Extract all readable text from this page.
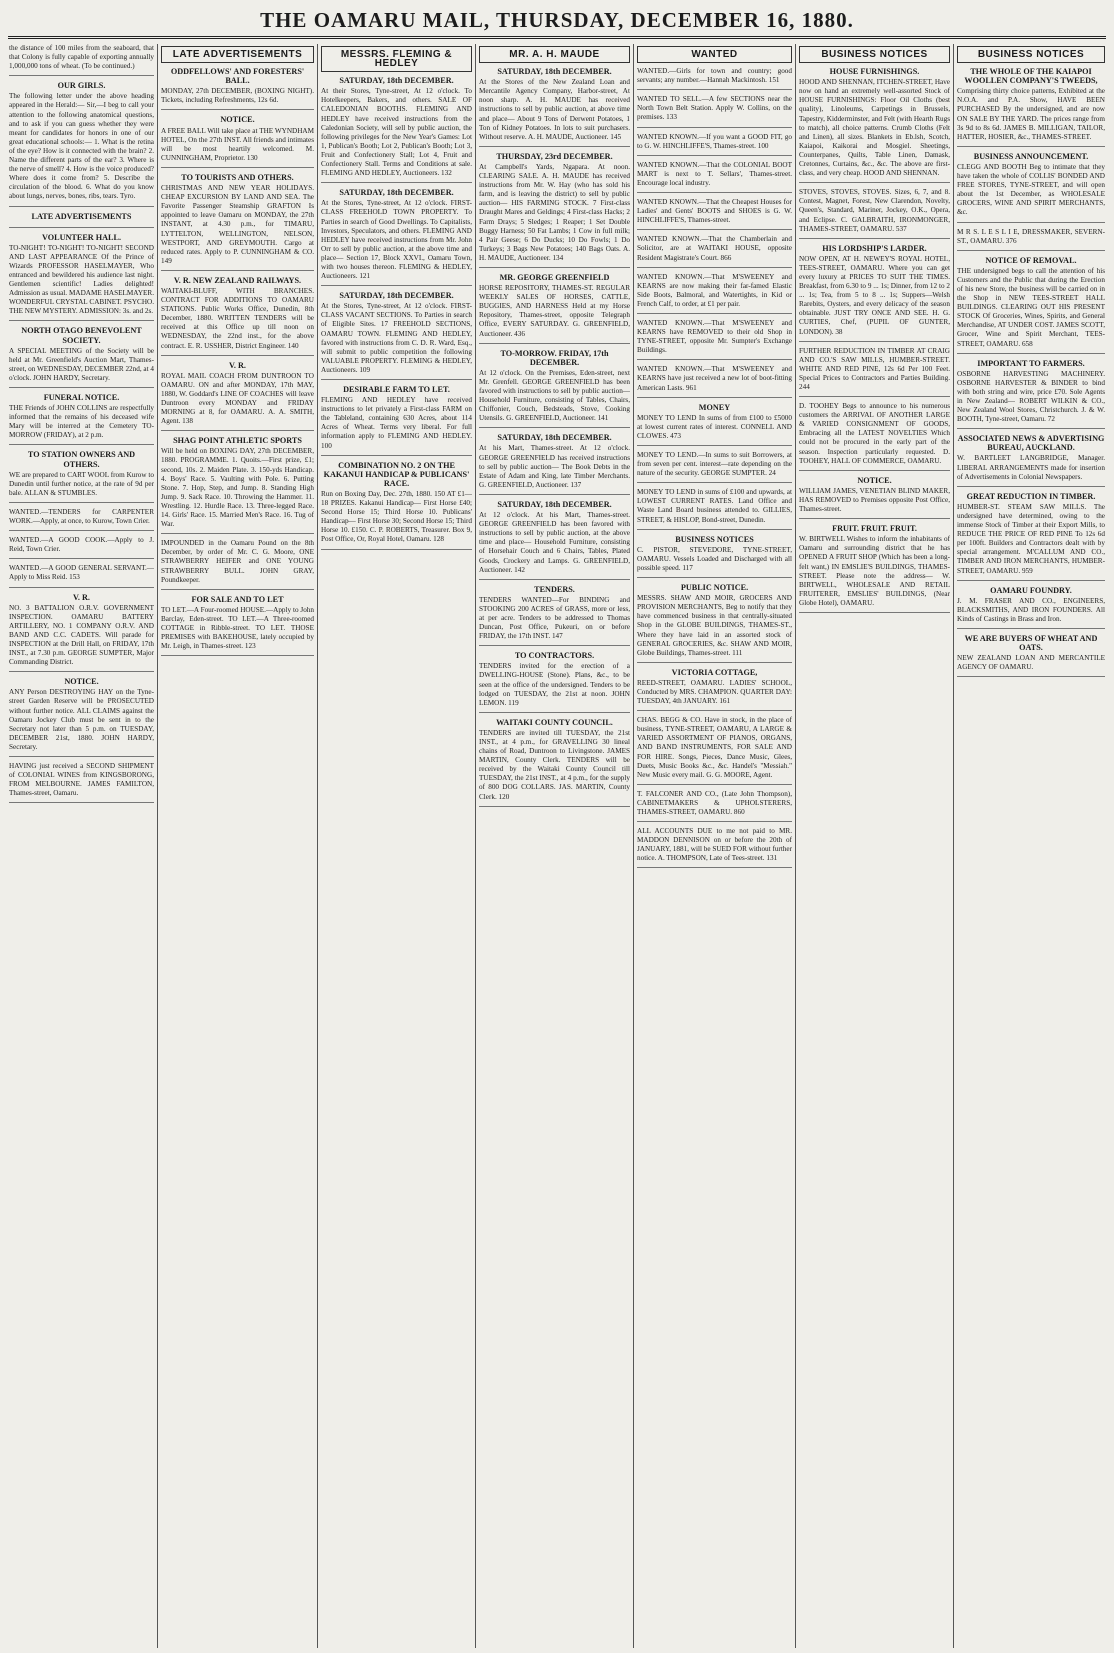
THE OAMARU MAIL, THURSDAY, DECEMBER 16, 1880.

the distance of 100 miles from the seaboard, that that Colony is fully capable of exporting annually 1,000,000 tons of wheat. (To be continued.)

OUR GIRLS.

The following letter under the above heading appeared in the Herald:— Sir,—I beg to call your attention to the following anatomical questions, and to ask if you can guess whether they were meant for candidates for honors in one of our great educational schools:— 1. What is the retina of the eye? How is it connected with the brain? 2. Name the different parts of the ear? 3. Where is the nerve of smell? 4. How is the voice produced? Where does it come from? 5. Describe the circulation of the blood. 6. What do you know about lungs, nerves, bones, ribs, tears. Tyro.

LATE ADVERTISEMENTS
VOLUNTEER HALL.

TO-NIGHT! TO-NIGHT! TO-NIGHT! SECOND AND LAST APPEARANCE Of the Prince of Wizards PROFESSOR HASELMAYER, Who entranced and bewildered his audience last night. Gentlemen scientific! Ladies delighted! Admission as usual. MADAME HASELMAYER. WONDERFUL CRYSTAL CABINET. PSYCHO. THE NEW MYSTERY. ADMISSION: 3s. and 2s.

NORTH OTAGO BENEVOLENT SOCIETY.

A SPECIAL MEETING of the Society will be held at Mr. Greenfield's Auction Mart, Thames-street, on WEDNESDAY, DECEMBER 22nd, at 4 o'clock. JOHN HARDY, Secretary.

FUNERAL NOTICE.

THE Friends of JOHN COLLINS are respectfully informed that the remains of his deceased wife Mary will be interred at the Cemetery TO-MORROW (FRIDAY), at 2 p.m.

TO STATION OWNERS AND OTHERS.

WE are prepared to CART WOOL from Kurow to Dunedin until further notice, at the rate of 9d per bale. ALLAN & STUMBLES.

WANTED.—TENDERS for CARPENTER WORK.—Apply, at once, to Kurow, Town Crier.

WANTED.—A GOOD COOK.—Apply to J. Reid, Town Crier.

WANTED.—A GOOD GENERAL SERVANT.—Apply to Miss Reid. 153

V. R.

NO. 3 BATTALION O.R.V. GOVERNMENT INSPECTION. OAMARU BATTERY ARTILLERY, NO. 1 COMPANY O.R.V. AND BAND AND C.C. CADETS. Will parade for INSPECTION at the Drill Hall, on FRIDAY, 17th INST., at 7.30 p.m. GEORGE SUMPTER, Major Commanding District.

NOTICE.

ANY Person DESTROYING HAY on the Tyne-street Garden Reserve will be PROSECUTED without further notice. ALL CLAIMS against the Oamaru Jockey Club must be sent in to the Secretary not later than 5 p.m. on TUESDAY, DECEMBER 21st, 1880. JOHN HARDY, Secretary.

HAVING just received a SECOND SHIPMENT of COLONIAL WINES from KINGSBORONG, FROM MELBOURNE. JAMES FAMILTON, Thames-street, Oamaru.

LATE ADVERTISEMENTS
ODDFELLOWS' AND FORESTERS' BALL.

MONDAY, 27th DECEMBER, (BOXING NIGHT). Tickets, including Refreshments, 12s 6d.

NOTICE.

A FREE BALL Will take place at THE WYNDHAM HOTEL, On the 27th INST. All friends and intimates will be most heartily welcomed. M. CUNNINGHAM, Proprietor. 130

TO TOURISTS AND OTHERS.

CHRISTMAS AND NEW YEAR HOLIDAYS. CHEAP EXCURSION BY LAND AND SEA. The Favorite Passenger Steamship GRAFTON Is appointed to leave Oamaru on MONDAY, the 27th INSTANT, at 4.30 p.m., for TIMARU, LYTTELTON, WELLINGTON, NELSON, WESTPORT, AND GREYMOUTH. Cargo at reduced rates. Apply to P. CUNNINGHAM & CO. 149

V. R. NEW ZEALAND RAILWAYS.

WAITAKI-BLUFF, WITH BRANCHES. CONTRACT FOR ADDITIONS TO OAMARU STATIONS. Public Works Office, Dunedin, 8th December, 1880. WRITTEN TENDERS will be received at this Office up till noon on WEDNESDAY, the 22nd inst., for the above contract. E. R. USSHER, District Engineer. 140

V. R.

ROYAL MAIL COACH FROM DUNTROON TO OAMARU. ON and after MONDAY, 17th MAY, 1880, W. Goddard's LINE OF COACHES will leave Duntroon every MONDAY and FRIDAY MORNING at 8, for OAMARU. A. A. SMITH, Agent. 138

SHAG POINT ATHLETIC SPORTS

Will be held on BOXING DAY, 27th DECEMBER, 1880. PROGRAMME. 1. Quoits.—First prize, £1; second, 10s. 2. Maiden Plate. 3. 150-yds Handicap. 4. Boys' Race. 5. Vaulting with Pole. 6. Putting Stone. 7. Hop, Step, and Jump. 8. Standing High Jump. 9. Sack Race. 10. Throwing the Hammer. 11. Wrestling. 12. Hurdle Race. 13. Three-legged Race. 14. Girls' Race. 15. Married Men's Race. 16. Tug of War.

IMPOUNDED in the Oamaru Pound on the 8th December, by order of Mr. C. G. Moore, ONE STRAWBERRY HEIFER and ONE YOUNG STRAWBERRY BULL. JOHN GRAY, Poundkeeper.

FOR SALE AND TO LET

TO LET.—A Four-roomed HOUSE.—Apply to John Barclay, Eden-street. TO LET.—A Three-roomed COTTAGE in Ribble-street. TO LET. THOSE PREMISES with BAKEHOUSE, lately occupied by Mr. Leigh, in Thames-street. 123

MESSRS. FLEMING & HEDLEY
SATURDAY, 18th DECEMBER.

At their Stores, Tyne-street, At 12 o'clock. To Hotelkeepers, Bakers, and others. SALE OF CALEDONIAN BOOTHS. FLEMING AND HEDLEY have received instructions from the Caledonian Society, will sell by public auction, the following privileges for the New Year's Games: Lot 1, Publican's Booth; Lot 2, Publican's Booth; Lot 3, Fruit and Confectionery Stall; Lot 4, Fruit and Confectionery Stall. Terms and Conditions at sale. FLEMING AND HEDLEY, Auctioneers. 132

SATURDAY, 18th DECEMBER.

At the Stores, Tyne-street, At 12 o'clock. FIRST-CLASS FREEHOLD TOWN PROPERTY. To Parties in search of Good Dwellings. To Capitalists, Investors, Speculators, and others. FLEMING AND HEDLEY have received instructions from Mr. John Orr to sell by public auction, at the above time and place— Section 17, Block XXVI., Oamaru Town, with two houses thereon. FLEMING & HEDLEY, Auctioneers. 121

SATURDAY, 18th DECEMBER.

At the Stores, Tyne-street, At 12 o'clock. FIRST-CLASS VACANT SECTIONS. To Parties in search of Eligible Sites. 17 FREEHOLD SECTIONS, OAMARU TOWN. FLEMING AND HEDLEY, favored with instructions from C. D. R. Ward, Esq., will submit to public competition the following VALUABLE PROPERTY. FLEMING & HEDLEY, Auctioneers. 109

DESIRABLE FARM TO LET.

FLEMING AND HEDLEY have received instructions to let privately a First-class FARM on the Tableland, containing 630 Acres, about 114 Acres of Wheat. Terms very liberal. For full information apply to FLEMING AND HEDLEY. 100

COMBINATION NO. 2 ON THE KAKANUI HANDICAP & PUBLICANS' RACE.

Run on Boxing Day, Dec. 27th, 1880. 150 AT £1—18 PRIZES. Kakanui Handicap— First Horse £40; Second Horse 15; Third Horse 10. Publicans' Handicap— First Horse 30; Second Horse 15; Third Horse 10. £150. C. P. ROBERTS, Treasurer. Box 9, Post Office, Or, Royal Hotel, Oamaru. 128

MR. A. H. MAUDE
SATURDAY, 18th DECEMBER.

At the Stores of the New Zealand Loan and Mercantile Agency Company, Harbor-street, At noon sharp. A. H. MAUDE has received instructions to sell by public auction, at above time and place— About 9 Tons of Derwent Potatoes, 1 Ton of Kidney Potatoes. In lots to suit purchasers. Without reserve. A. H. MAUDE, Auctioneer. 145

THURSDAY, 23rd DECEMBER.

At Campbell's Yards, Ngapara. At noon. CLEARING SALE. A. H. MAUDE has received instructions from Mr. W. Hay (who has sold his farm, and is leaving the district) to sell by public auction— HIS FARMING STOCK. 7 First-class Draught Mares and Geldings; 4 First-class Hacks; 2 Farm Drays; 5 Sledges; 1 Reaper; 1 Set Double Buggy Harness; 50 Fat Lambs; 1 Cow in full milk; 4 Pair Geese; 6 Do Ducks; 10 Do Fowls; 1 Do Turkeys; 3 Bags New Potatoes; 140 Bags Oats. A. H. MAUDE, Auctioneer. 134

MR. GEORGE GREENFIELD

HORSE REPOSITORY, THAMES-ST. REGULAR WEEKLY SALES OF HORSES, CATTLE, BUGGIES, AND HARNESS Held at my Horse Repository, Thames-street, opposite Telegraph Office, EVERY SATURDAY. G. GREENFIELD, Auctioneer. 436

TO-MORROW. FRIDAY, 17th DECEMBER.

At 12 o'clock. On the Premises, Eden-street, next Mr. Grenfell. GEORGE GREENFIELD has been favored with instructions to sell by public auction— Household Furniture, consisting of Tables, Chairs, Chiffonier, Couch, Bedsteads, Stove, Cooking Utensils. G. GREENFIELD, Auctioneer. 141

SATURDAY, 18th DECEMBER.

At his Mart, Thames-street. At 12 o'clock. GEORGE GREENFIELD has received instructions to sell by public auction— The Book Debts in the Estate of Adam and King, late Timber Merchants. G. GREENFIELD, Auctioneer. 137

SATURDAY, 18th DECEMBER.

At 12 o'clock. At his Mart, Thames-street. GEORGE GREENFIELD has been favored with instructions to sell by public auction, at the above time and place— Household Furniture, consisting of Horsehair Couch and 6 Chairs, Tables, Plated Goods, Crockery and Lamps. G. GREENFIELD, Auctioneer. 142

TENDERS.

TENDERS WANTED—For BINDING and STOOKING 200 ACRES of GRASS, more or less, at per acre. Tenders to be addressed to Thomas Duncan, Post Office, Pukeuri, on or before FRIDAY, the 17th INST. 147

TO CONTRACTORS.

TENDERS invited for the erection of a DWELLING-HOUSE (Stone). Plans, &c., to be seen at the office of the undersigned. Tenders to be lodged on TUESDAY, the 21st at noon. JOHN LEMON. 119

WAITAKI COUNTY COUNCIL.

TENDERS are invited till TUESDAY, the 21st INST., at 4 p.m., for GRAVELLING 30 lineal chains of Road, Duntroon to Livingstone. JAMES MARTIN, County Clerk. TENDERS will be received by the Waitaki County Council till TUESDAY, the 21st INST., at 4 p.m., for the supply of 800 DOG COLLARS. JAS. MARTIN, County Clerk. 120

WANTED

WANTED.—Girls for town and country; good servants; any number.—Hannah Mackintosh. 151

WANTED TO SELL.—A few SECTIONS near the North Town Belt Station. Apply W. Collins, on the premises. 133

WANTED KNOWN.—If you want a GOOD FIT, go to G. W. HINCHLIFFE'S, Thames-street. 100

WANTED KNOWN.—That the COLONIAL BOOT MART is next to T. Sellars', Thames-street. Encourage local industry.

WANTED KNOWN.—That the Cheapest Houses for Ladies' and Gents' BOOTS and SHOES is G. W. HINCHLIFFE'S, Thames-street.

WANTED KNOWN.—That the Chamberlain and Solicitor, are at WAITAKI HOUSE, opposite Resident Magistrate's Court. 866

WANTED KNOWN.—That M'SWEENEY and KEARNS are now making their far-famed Elastic Side Boots, Balmoral, and Watertights, in Kid or French Calf, to order, at £1 per pair.

WANTED KNOWN.—That M'SWEENEY and KEARNS have REMOVED to their old Shop in TYNE-STREET, opposite Mr. Sumpter's Exchange Buildings.

WANTED KNOWN.—That M'SWEENEY and KEARNS have just received a new lot of boot-fitting American Lasts. 961

MONEY

MONEY TO LEND In sums of from £100 to £5000 at lowest current rates of interest. CONNELL AND CLOWES. 473

MONEY TO LEND.—In sums to suit Borrowers, at from seven per cent. interest—rate depending on the nature of the security. GEORGE SUMPTER. 24

MONEY TO LEND in sums of £100 and upwards, at LOWEST CURRENT RATES. Land Office and Waste Land Board business attended to. GILLIES, STREET, & HISLOP, Bond-street, Dunedin.

BUSINESS NOTICES

C. PISTOR, STEVEDORE, TYNE-STREET, OAMARU. Vessels Loaded and Discharged with all possible speed. 117

PUBLIC NOTICE.

MESSRS. SHAW AND MOIR, GROCERS AND PROVISION MERCHANTS, Beg to notify that they have commenced business in that centrally-situated Shop in the GLOBE BUILDINGS, THAMES-ST., Where they have laid in an assorted stock of GENERAL GROCERIES, &c. SHAW AND MOIR, Globe Buildings, Thames-street. 111

VICTORIA COTTAGE,

REED-STREET, OAMARU. LADIES' SCHOOL, Conducted by MRS. CHAMPION. QUARTER DAY: TUESDAY, 4th JANUARY. 161

CHAS. BEGG & CO. Have in stock, in the place of business, TYNE-STREET, OAMARU, A LARGE & VARIED ASSORTMENT OF PIANOS, ORGANS, AND BAND INSTRUMENTS, FOR SALE AND FOR HIRE. Songs, Pieces, Dance Music, Glees, Duets, Music Books &c., &c. Handel's "Messiah." New Music every mail. G. G. MOORE, Agent.

T. FALCONER AND CO., (Late John Thompson), CABINETMAKERS & UPHOLSTERERS, THAMES-STREET, OAMARU. 860

ALL ACCOUNTS DUE to me not paid to MR. MADDON DENNISON on or before the 20th of JANUARY, 1881, will be SUED FOR without further notice. A. THOMPSON, Late of Tees-street. 131

BUSINESS NOTICES
HOUSE FURNISHINGS.

HOOD AND SHENNAN, ITCHEN-STREET, Have now on hand an extremely well-assorted Stock of HOUSE FURNISHINGS: Floor Oil Cloths (best quality), Linoleums, Carpetings in Brussels, Tapestry, Kidderminster, and Felt (with Hearth Rugs to match), all choice patterns. Crumb Cloths (Felt and Linen), all sizes. Blankets in Eb.lsh, Scotch, Kaiapoi, Kaikorai and Mosgiel. Sheetings, Counterpanes, Quilts, Table Linen, Damask, Cretonnes, Curtains, &c., &c. The above are first-class, and very cheap. HOOD AND SHENNAN.

STOVES, STOVES, STOVES. Sizes, 6, 7, and 8. Contest, Magnet, Forest, New Clarendon, Novelty, Queen's, Standard, Mariner, Jockey, O.K., Opera, and Eclipse. C. GALBRAITH, IRONMONGER, THAMES-STREET, OAMARU. 537

HIS LORDSHIP'S LARDER.

NOW OPEN, AT H. NEWEY'S ROYAL HOTEL, TEES-STREET, OAMARU. Where you can get every luxury at PRICES TO SUIT THE TIMES. Breakfast, from 6.30 to 9 ... 1s; Dinner, from 12 to 2 ... 1s; Tea, from 5 to 8 ... 1s; Suppers—Welsh Rarebits, Oysters, and every delicacy of the season obtainable. JUST TRY ONCE AND SEE. H. G. CURTIES, Chef, (PUPIL OF GUNTER, LONDON). 38

FURTHER REDUCTION IN TIMBER AT CRAIG AND CO.'S SAW MILLS, HUMBER-STREET. WHITE AND RED PINE, 12s 6d Per 100 Feet. Special Prices to Contractors and Parties Building. 244

D. TOOHEY Begs to announce to his numerous customers the ARRIVAL OF ANOTHER LARGE & VARIED CONSIGNMENT OF GOODS, Embracing all the LATEST NOVELTIES Which could not be procured in the early part of the season. Inspection particularly requested. D. TOOHEY, HALL OF COMMERCE, OAMARU.

NOTICE.

WILLIAM JAMES, VENETIAN BLIND MAKER, HAS REMOVED to Premises opposite Post Office, Thames-street.

FRUIT. FRUIT. FRUIT.

W. BIRTWELL Wishes to inform the inhabitants of Oamaru and surrounding district that he has OPENED A FRUIT SHOP (Which has been a long-felt want,) IN EMSLIE'S BUILDINGS, THAMES-STREET. Please note the address— W. BIRTWELL, WHOLESALE AND RETAIL FRUITERER, EMSLIES' BUILDINGS, (Near Globe Hotel), OAMARU.

BUSINESS NOTICES
THE WHOLE OF THE KAIAPOI WOOLLEN COMPANY'S TWEEDS,

Comprising thirty choice patterns, Exhibited at the N.O.A. and P.A. Show, HAVE BEEN PURCHASED By the undersigned, and are now ON SALE BY THE YARD. The prices range from 3s 9d to 8s 6d. JAMES B. MILLIGAN, TAILOR, HATTER, HOSIER, &c., THAMES-STREET.

BUSINESS ANNOUNCEMENT.

CLEGG AND BOOTH Beg to intimate that they have taken the whole of COLLIS' BONDED AND FREE STORES, TYNE-STREET, and will open about the 1st December, as WHOLESALE GROCERS, WINE AND SPIRIT MERCHANTS, &c.

M R S. L E S L I E, DRESSMAKER, SEVERN-ST., OAMARU. 376

NOTICE OF REMOVAL.

THE undersigned begs to call the attention of his Customers and the Public that during the Erection of his new Store, the business will be carried on in the Shop in NEW TEES-STREET HALL BUILDINGS. CLEARING OUT HIS PRESENT STOCK Of Groceries, Wines, Spirits, and General Merchandise, AT UNDER COST. JAMES SCOTT, Grocer, Wine and Spirit Merchant, TEES-STREET, OAMARU. 658

IMPORTANT TO FARMERS.

OSBORNE HARVESTING MACHINERY. OSBORNE HARVESTER & BINDER to bind with both string and wire, price £70. Sole Agents in New Zealand— ROBERT WILKIN & CO., New Zealand Wool Stores, Christchurch. J. & W. BOOTH, Tyne-street, Oamaru. 72

ASSOCIATED NEWS & ADVERTISING BUREAU, AUCKLAND.

W. BARTLEET LANGBRIDGE, Manager. LIBERAL ARRANGEMENTS made for insertion of Advertisements in Colonial Newspapers.

GREAT REDUCTION IN TIMBER.

HUMBER-ST. STEAM SAW MILLS. The undersigned have determined, owing to the immense Stock of Timber at their Export Mills, to REDUCE THE PRICE OF RED PINE To 12s 6d per 100ft. Builders and Contractors dealt with by special arrangement. M'CALLUM AND CO., TIMBER AND IRON MERCHANTS, HUMBER-STREET, OAMARU. 959

OAMARU FOUNDRY.

J. M. FRASER AND CO., ENGINEERS, BLACKSMITHS, AND IRON FOUNDERS. All Kinds of Castings in Brass and Iron.

WE ARE BUYERS OF WHEAT AND OATS.

NEW ZEALAND LOAN AND MERCANTILE AGENCY OF OAMARU.
